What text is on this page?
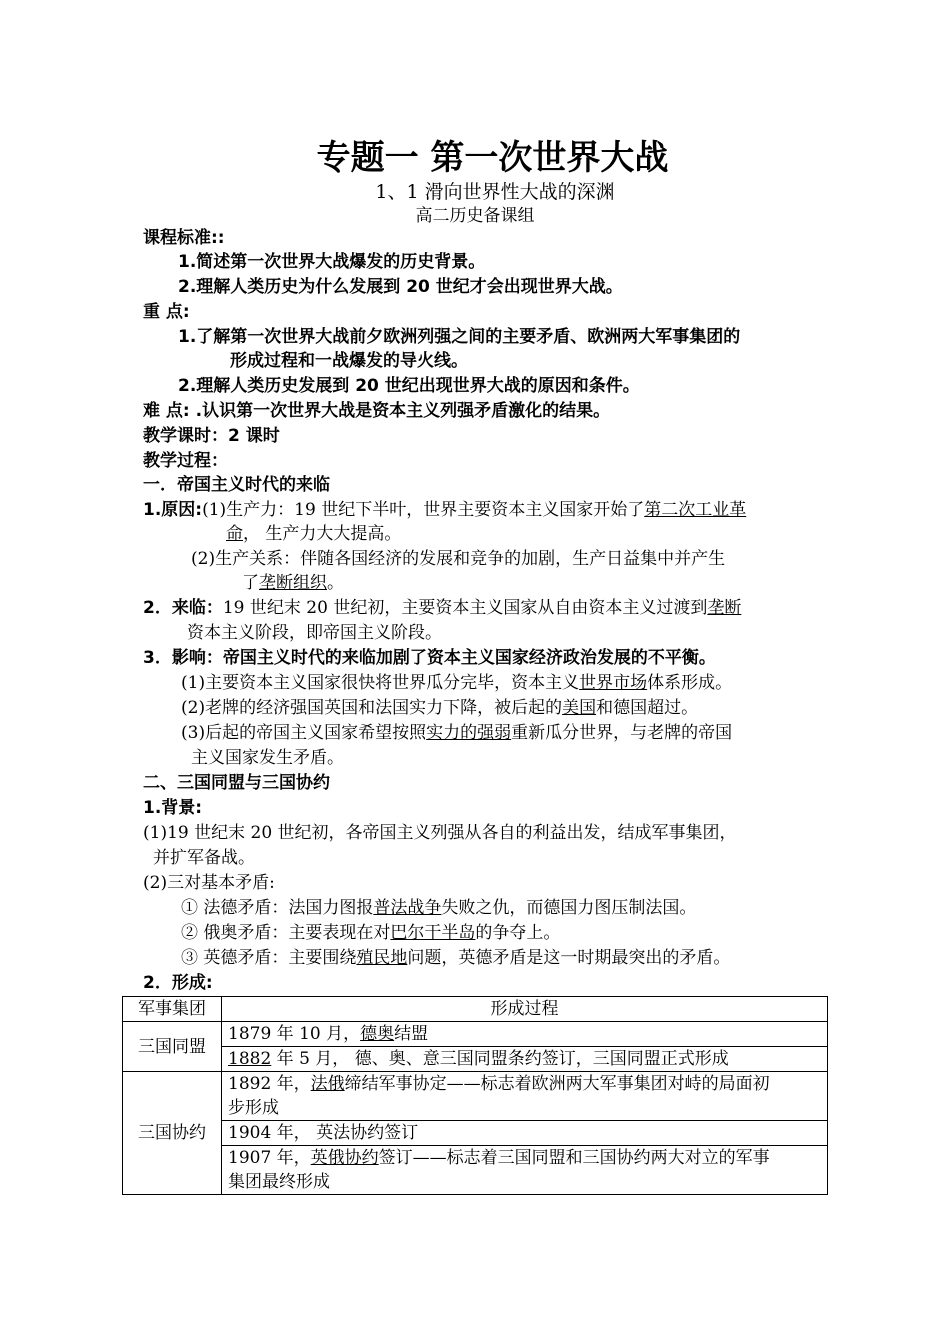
专题一 第一次世界大战
1、1 滑向世界性大战的深渊
高二历史备课组
课程标准::
1.简述第一次世界大战爆发的历史背景。
2.理解人类历史为什么发展到 20 世纪才会出现世界大战。
重 点:
1.了解第一次世界大战前夕欧洲列强之间的主要矛盾、欧洲两大军事集团的
形成过程和一战爆发的导火线。
2.理解人类历史发展到 20 世纪出现世界大战的原因和条件。
难 点: .认识第一次世界大战是资本主义列强矛盾激化的结果。
教学课时：2 课时
教学过程：
一．帝国主义时代的来临
1.原因:(1)生产力：19 世纪下半叶，世界主要资本主义国家开始了第二次工业革
命， 生产力大大提高。
(2)生产关系：伴随各国经济的发展和竞争的加剧，生产日益集中并产生
了垄断组织。
2．来临：19 世纪末 20 世纪初，主要资本主义国家从自由资本主义过渡到垄断
资本主义阶段，即帝国主义阶段。
3．影响：帝国主义时代的来临加剧了资本主义国家经济政治发展的不平衡。
(1)主要资本主义国家很快将世界瓜分完毕，资本主义世界市场体系形成。
(2)老牌的经济强国英国和法国实力下降，被后起的美国和德国超过。
(3)后起的帝国主义国家希望按照实力的强弱重新瓜分世界，与老牌的帝国
主义国家发生矛盾。
二、三国同盟与三国协约
1.背景:
(1)19 世纪末 20 世纪初，各帝国主义列强从各自的利益出发，结成军事集团，
并扩军备战。
(2)三对基本矛盾:
① 法德矛盾：法国力图报普法战争失败之仇，而德国力图压制法国。
② 俄奥矛盾：主要表现在对巴尔干半岛的争夺上。
③ 英德矛盾：主要围绕殖民地问题，英德矛盾是这一时期最突出的矛盾。
2．形成:
军事集团	形成过程
三国同盟	1879 年 10 月，德奥结盟
	1882 年 5 月， 德、奥、意三国同盟条约签订，三国同盟正式形成
三国协约	1892 年，法俄缔结军事协定——标志着欧洲两大军事集团对峙的局面初
步形成
	1904 年， 英法协约签订
	1907 年，英俄协约签订——标志着三国同盟和三国协约两大对立的军事
集团最终形成
